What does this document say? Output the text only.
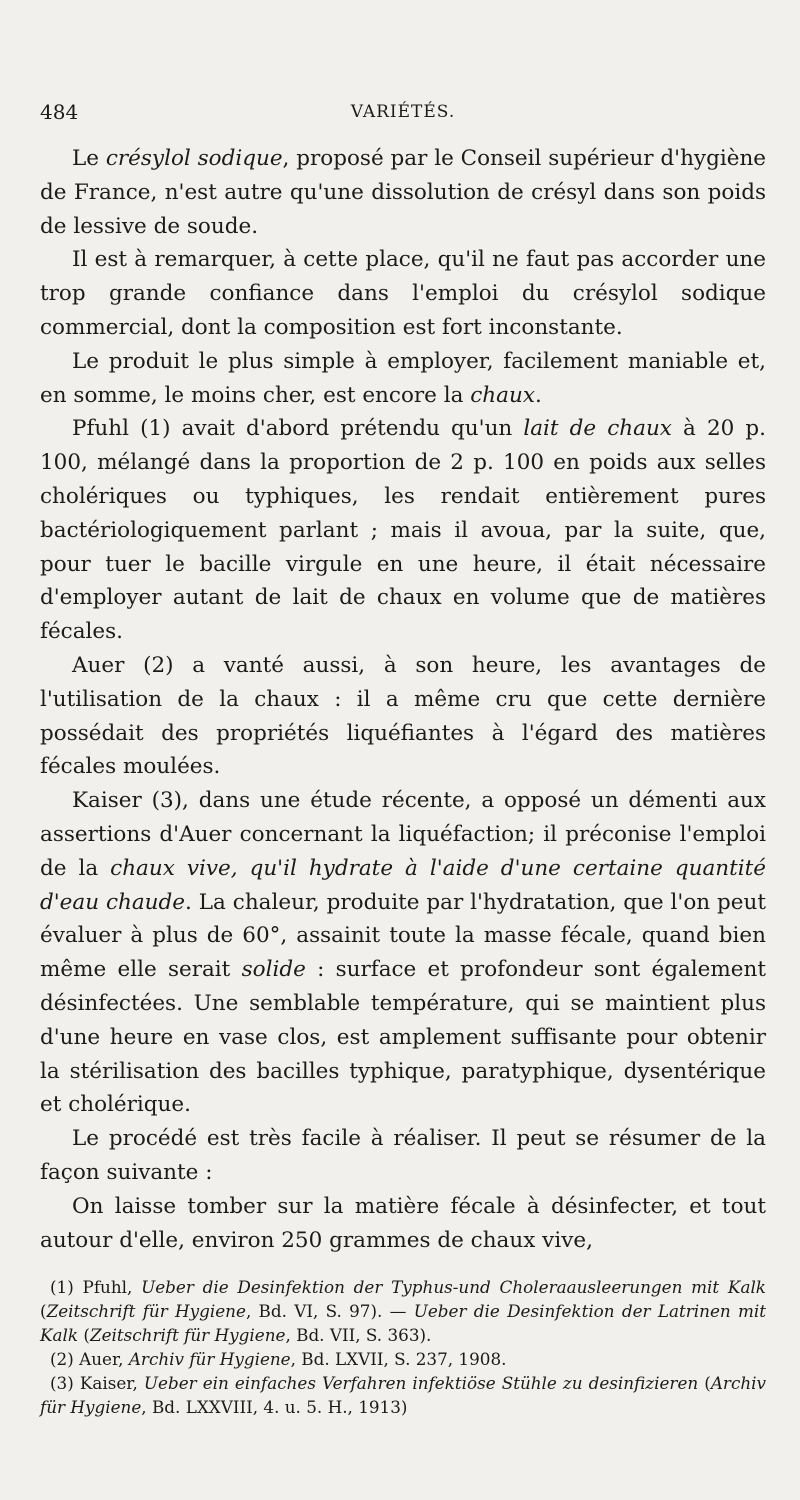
484	VARIÉTÉS.

Le crésylol sodique, proposé par le Conseil supérieur d'hygiène de France, n'est autre qu'une dissolution de crésyl dans son poids de lessive de soude.

Il est à remarquer, à cette place, qu'il ne faut pas accorder une trop grande confiance dans l'emploi du crésylol sodique commercial, dont la composition est fort inconstante.

Le produit le plus simple à employer, facilement maniable et, en somme, le moins cher, est encore la chaux.

Pfuhl (1) avait d'abord prétendu qu'un lait de chaux à 20 p. 100, mélangé dans la proportion de 2 p. 100 en poids aux selles cholériques ou typhiques, les rendait entièrement pures bactériologiquement parlant ; mais il avoua, par la suite, que, pour tuer le bacille virgule en une heure, il était nécessaire d'employer autant de lait de chaux en volume que de matières fécales.

Auer (2) a vanté aussi, à son heure, les avantages de l'utilisation de la chaux : il a même cru que cette dernière possédait des propriétés liquéfiantes à l'égard des matières fécales moulées.

Kaiser (3), dans une étude récente, a opposé un démenti aux assertions d'Auer concernant la liquéfaction; il préconise l'emploi de la chaux vive, qu'il hydrate à l'aide d'une certaine quantité d'eau chaude. La chaleur, produite par l'hydratation, que l'on peut évaluer à plus de 60°, assainit toute la masse fécale, quand bien même elle serait solide : surface et profondeur sont également désinfectées. Une semblable température, qui se maintient plus d'une heure en vase clos, est amplement suffisante pour obtenir la stérilisation des bacilles typhique, paratyphique, dysentérique et cholérique.

Le procédé est très facile à réaliser. Il peut se résumer de la façon suivante :

On laisse tomber sur la matière fécale à désinfecter, et tout autour d'elle, environ 250 grammes de chaux vive,

(1) Pfuhl, Ueber die Desinfektion der Typhus-und Choleraausleerungen mit Kalk (Zeitschrift für Hygiene, Bd. VI, S. 97). — Ueber die Desinfektion der Latrinen mit Kalk (Zeitschrift für Hygiene, Bd. VII, S. 363).

(2) Auer, Archiv für Hygiene, Bd. LXVII, S. 237, 1908.

(3) Kaiser, Ueber ein einfaches Verfahren infektiöse Stühle zu desinfizieren (Archiv für Hygiene, Bd. LXXVIII, 4. u. 5. H., 1913)
